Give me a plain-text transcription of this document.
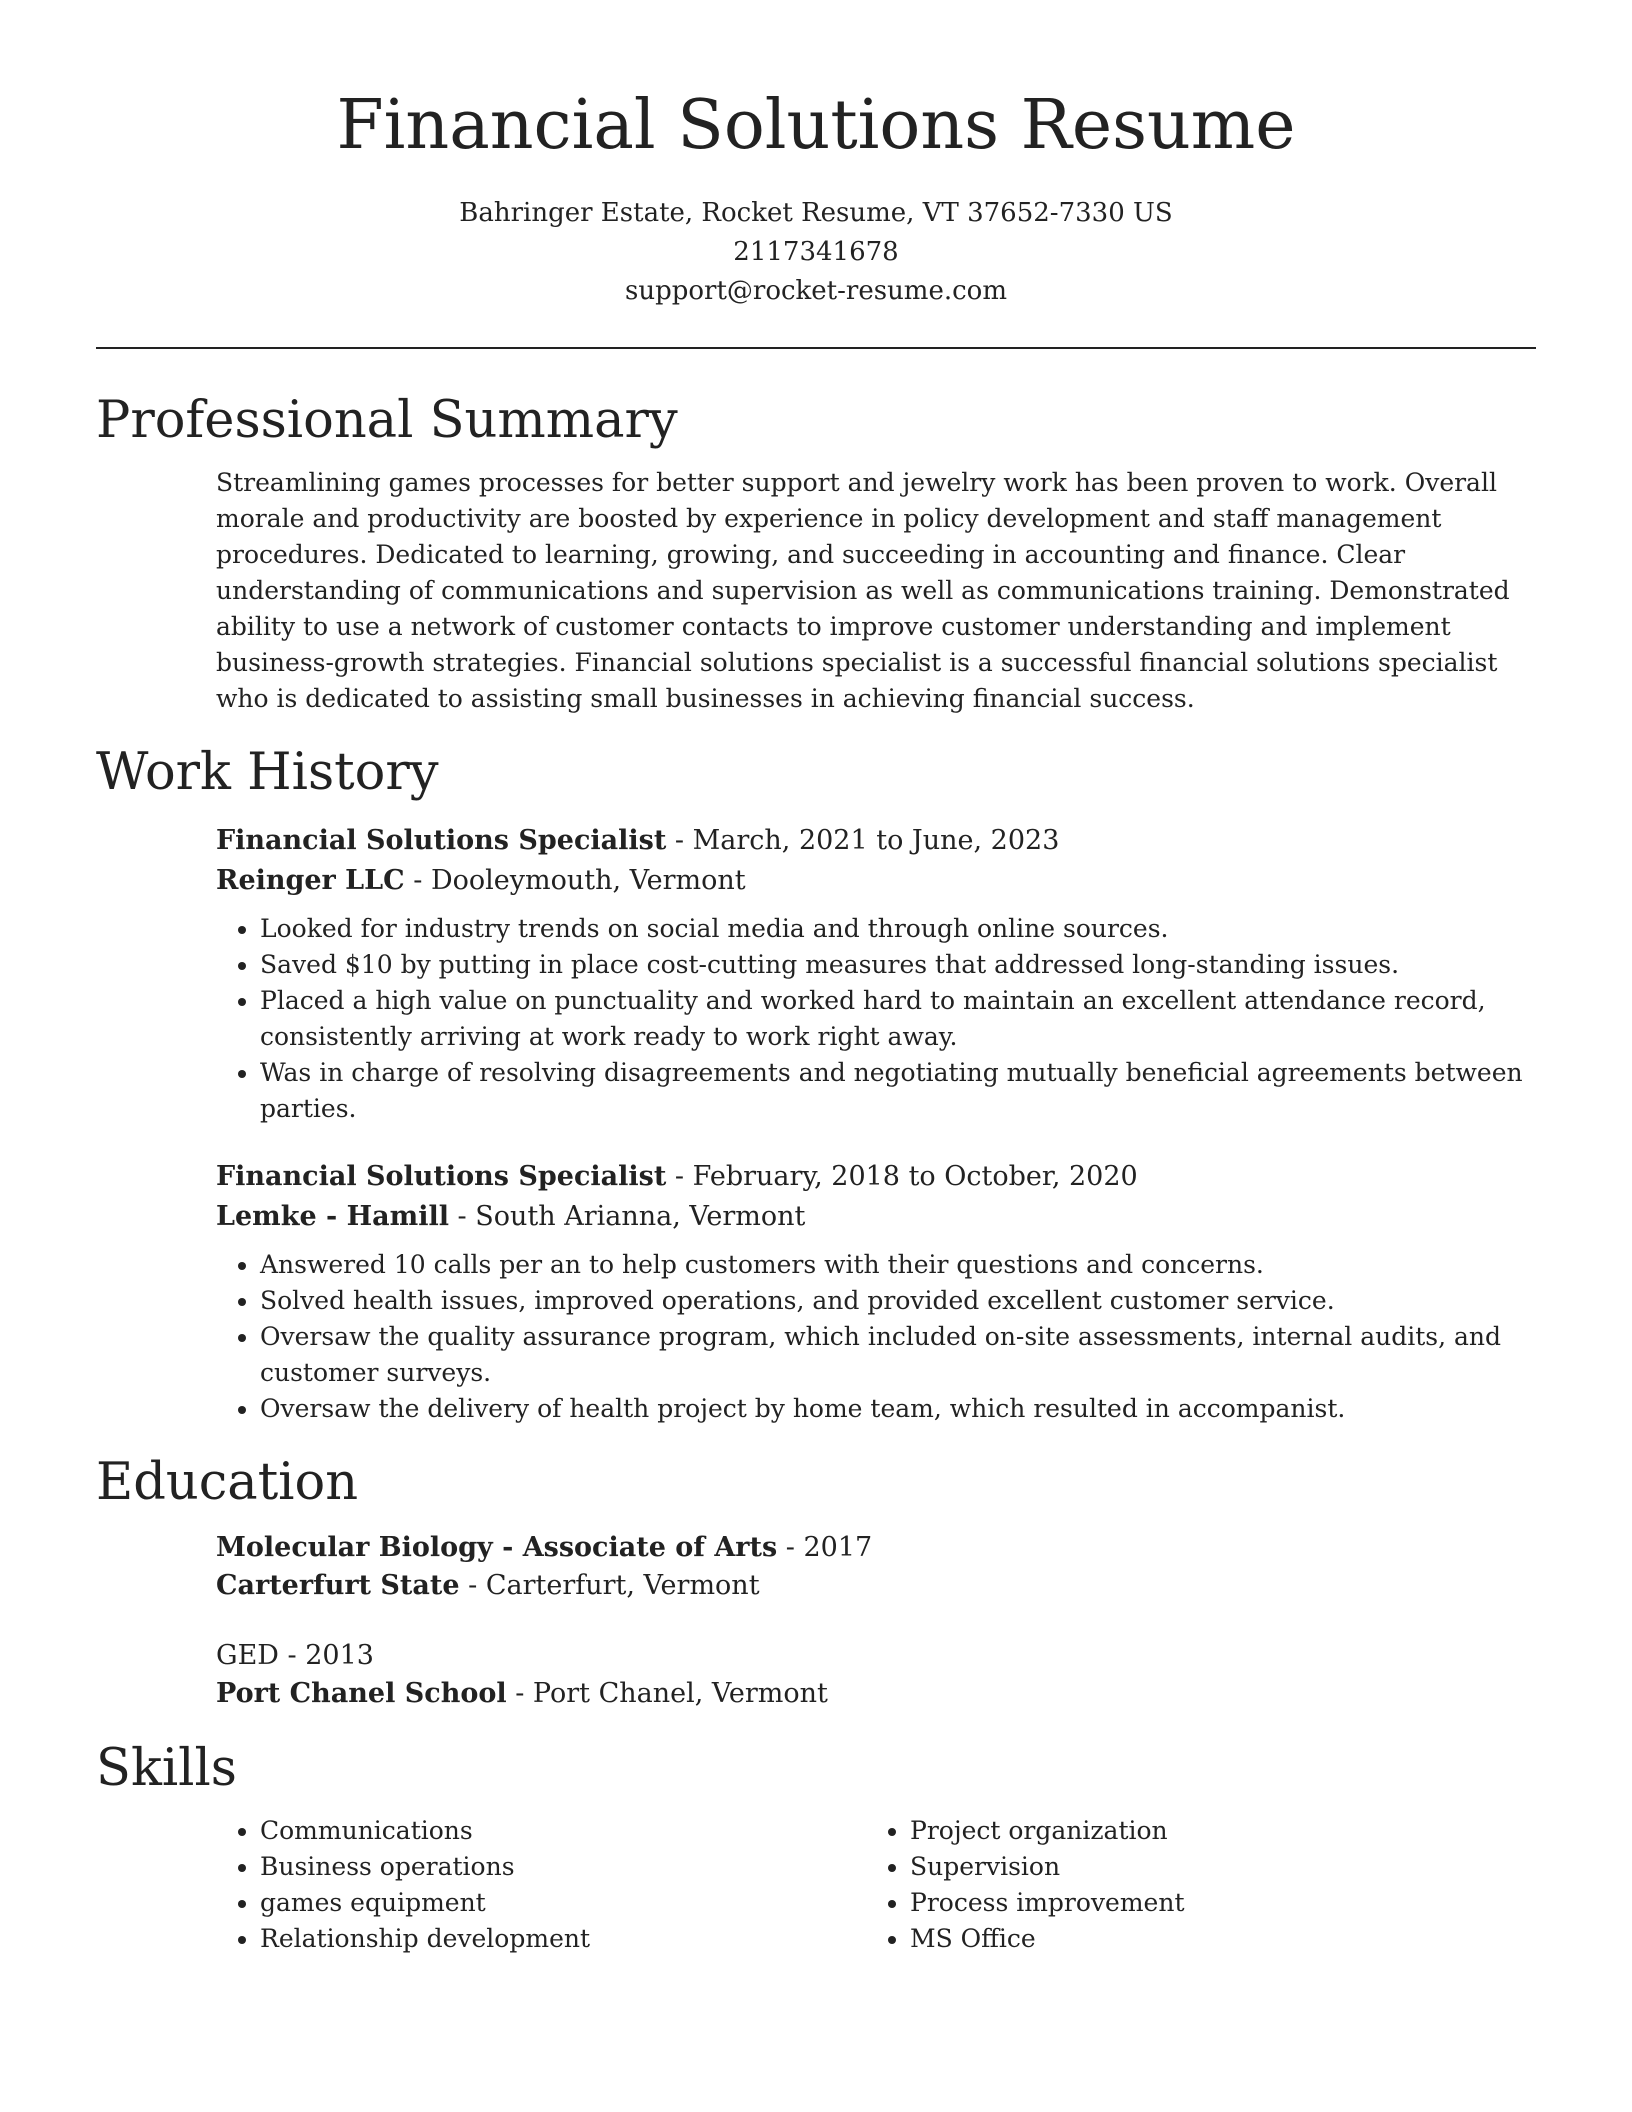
Financial Solutions Resume
Bahringer Estate, Rocket Resume, VT 37652-7330 US
2117341678
support@rocket-resume.com
Professional Summary
Streamlining games processes for better support and jewelry work has been proven to work. Overall morale and productivity are boosted by experience in policy development and staff management procedures. Dedicated to learning, growing, and succeeding in accounting and finance. Clear understanding of communications and supervision as well as communications training. Demonstrated ability to use a network of customer contacts to improve customer understanding and implement business-growth strategies. Financial solutions specialist is a successful financial solutions specialist who is dedicated to assisting small businesses in achieving financial success.
Work History
Financial Solutions Specialist - March, 2021 to June, 2023
Reinger LLC - Dooleymouth, Vermont
• Looked for industry trends on social media and through online sources.
• Saved $10 by putting in place cost-cutting measures that addressed long-standing issues.
• Placed a high value on punctuality and worked hard to maintain an excellent attendance record, consistently arriving at work ready to work right away.
• Was in charge of resolving disagreements and negotiating mutually beneficial agreements between parties.
Financial Solutions Specialist - February, 2018 to October, 2020
Lemke - Hamill - South Arianna, Vermont
• Answered 10 calls per an to help customers with their questions and concerns.
• Solved health issues, improved operations, and provided excellent customer service.
• Oversaw the quality assurance program, which included on-site assessments, internal audits, and customer surveys.
• Oversaw the delivery of health project by home team, which resulted in accompanist.
Education
Molecular Biology - Associate of Arts - 2017
Carterfurt State - Carterfurt, Vermont
GED - 2013
Port Chanel School - Port Chanel, Vermont
Skills
• Communications
• Business operations
• games equipment
• Relationship development
• Project organization
• Supervision
• Process improvement
• MS Office
